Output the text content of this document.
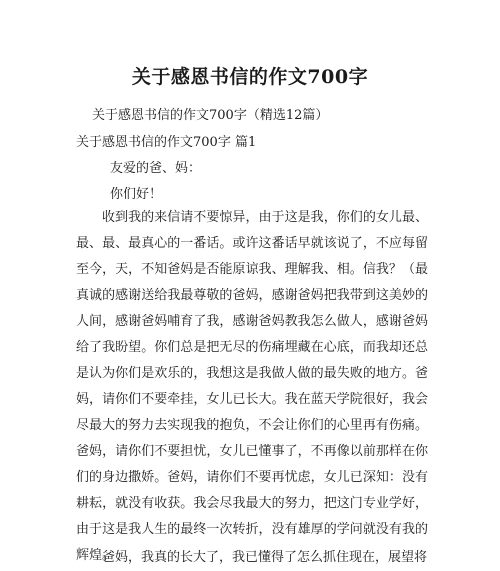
关于感恩书信的作文700字
关于感恩书信的作文700字（精选12篇）
关于感恩书信的作文700字 篇1
友爱的爸、妈：
你们好！

收到我的来信请不要惊异，由于这是我，你们的女儿最、最、最、最真心的一番话。或许这番话早就该说了，不应每留至今，天，不知爸妈是否能原谅我、理解我、相。信我？（最真诚的感谢送给我最尊敬的爸妈，感谢爸妈把我带到这美妙的人间，感谢爸妈哺育了我，感谢爸妈教我怎么做人，感谢爸妈给了我盼望。你们总是把无尽的伤痛埋藏在心底，而我却还总是认为你们是欢乐的，我想这是我做人做的最失败的地方。爸妈，请你们不要牵挂，女儿已长大。我在蓝天学院很好，我会尽最大的努力去实现我的抱负，不会让你们的心里再有伤痛。爸妈，请你们不要担忧，女儿已懂事了，不再像以前那样在你们的身边撒娇。爸妈，请你们不要再忧虑，女儿已深知：没有耕耘，就没有收获。我会尽我最大的努力，把这门专业学好，由于这是我人生的最终一次转折，没有雄厚的学问就没有我的辉煌。

爸妈，我真的长大了，我已懂得了怎么抓住现在，展望将
